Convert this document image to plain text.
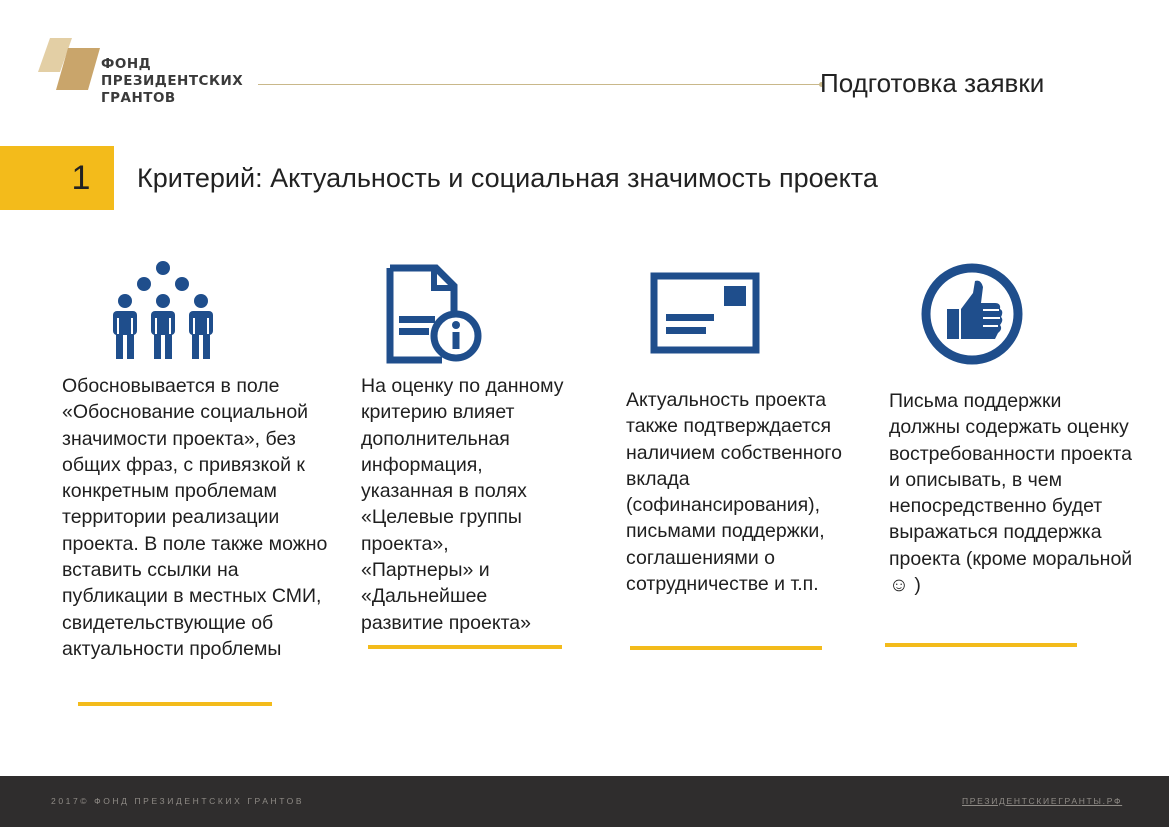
ФОНД
ПРЕЗИДЕНТСКИХ
ГРАНТОВ	Подготовка заявки
1 Критерий: Актуальность и социальная значимость проекта

Обосновывается в поле «Обоснование социальной значимости проекта», без общих фраз, с привязкой к конкретным проблемам территории реализации проекта. В поле также можно вставить ссылки на публикации в местных СМИ, свидетельствующие об актуальности проблемы

На оценку по данному критерию влияет дополнительная информация, указанная в полях «Целевые группы проекта», «Партнеры» и «Дальнейшее развитие проекта»

Актуальность проекта также подтверждается наличием собственного вклада (софинансирования), письмами поддержки, соглашениями о сотрудничестве и т.п.

Письма поддержки должны содержать оценку востребованности проекта и описывать, в чем непосредственно будет выражаться поддержка проекта (кроме моральной ☺ )

2017© ФОНД ПРЕЗИДЕНТСКИХ ГРАНТОВ	ПРЕЗИДЕНТСКИЕГРАНТЫ.РФ
